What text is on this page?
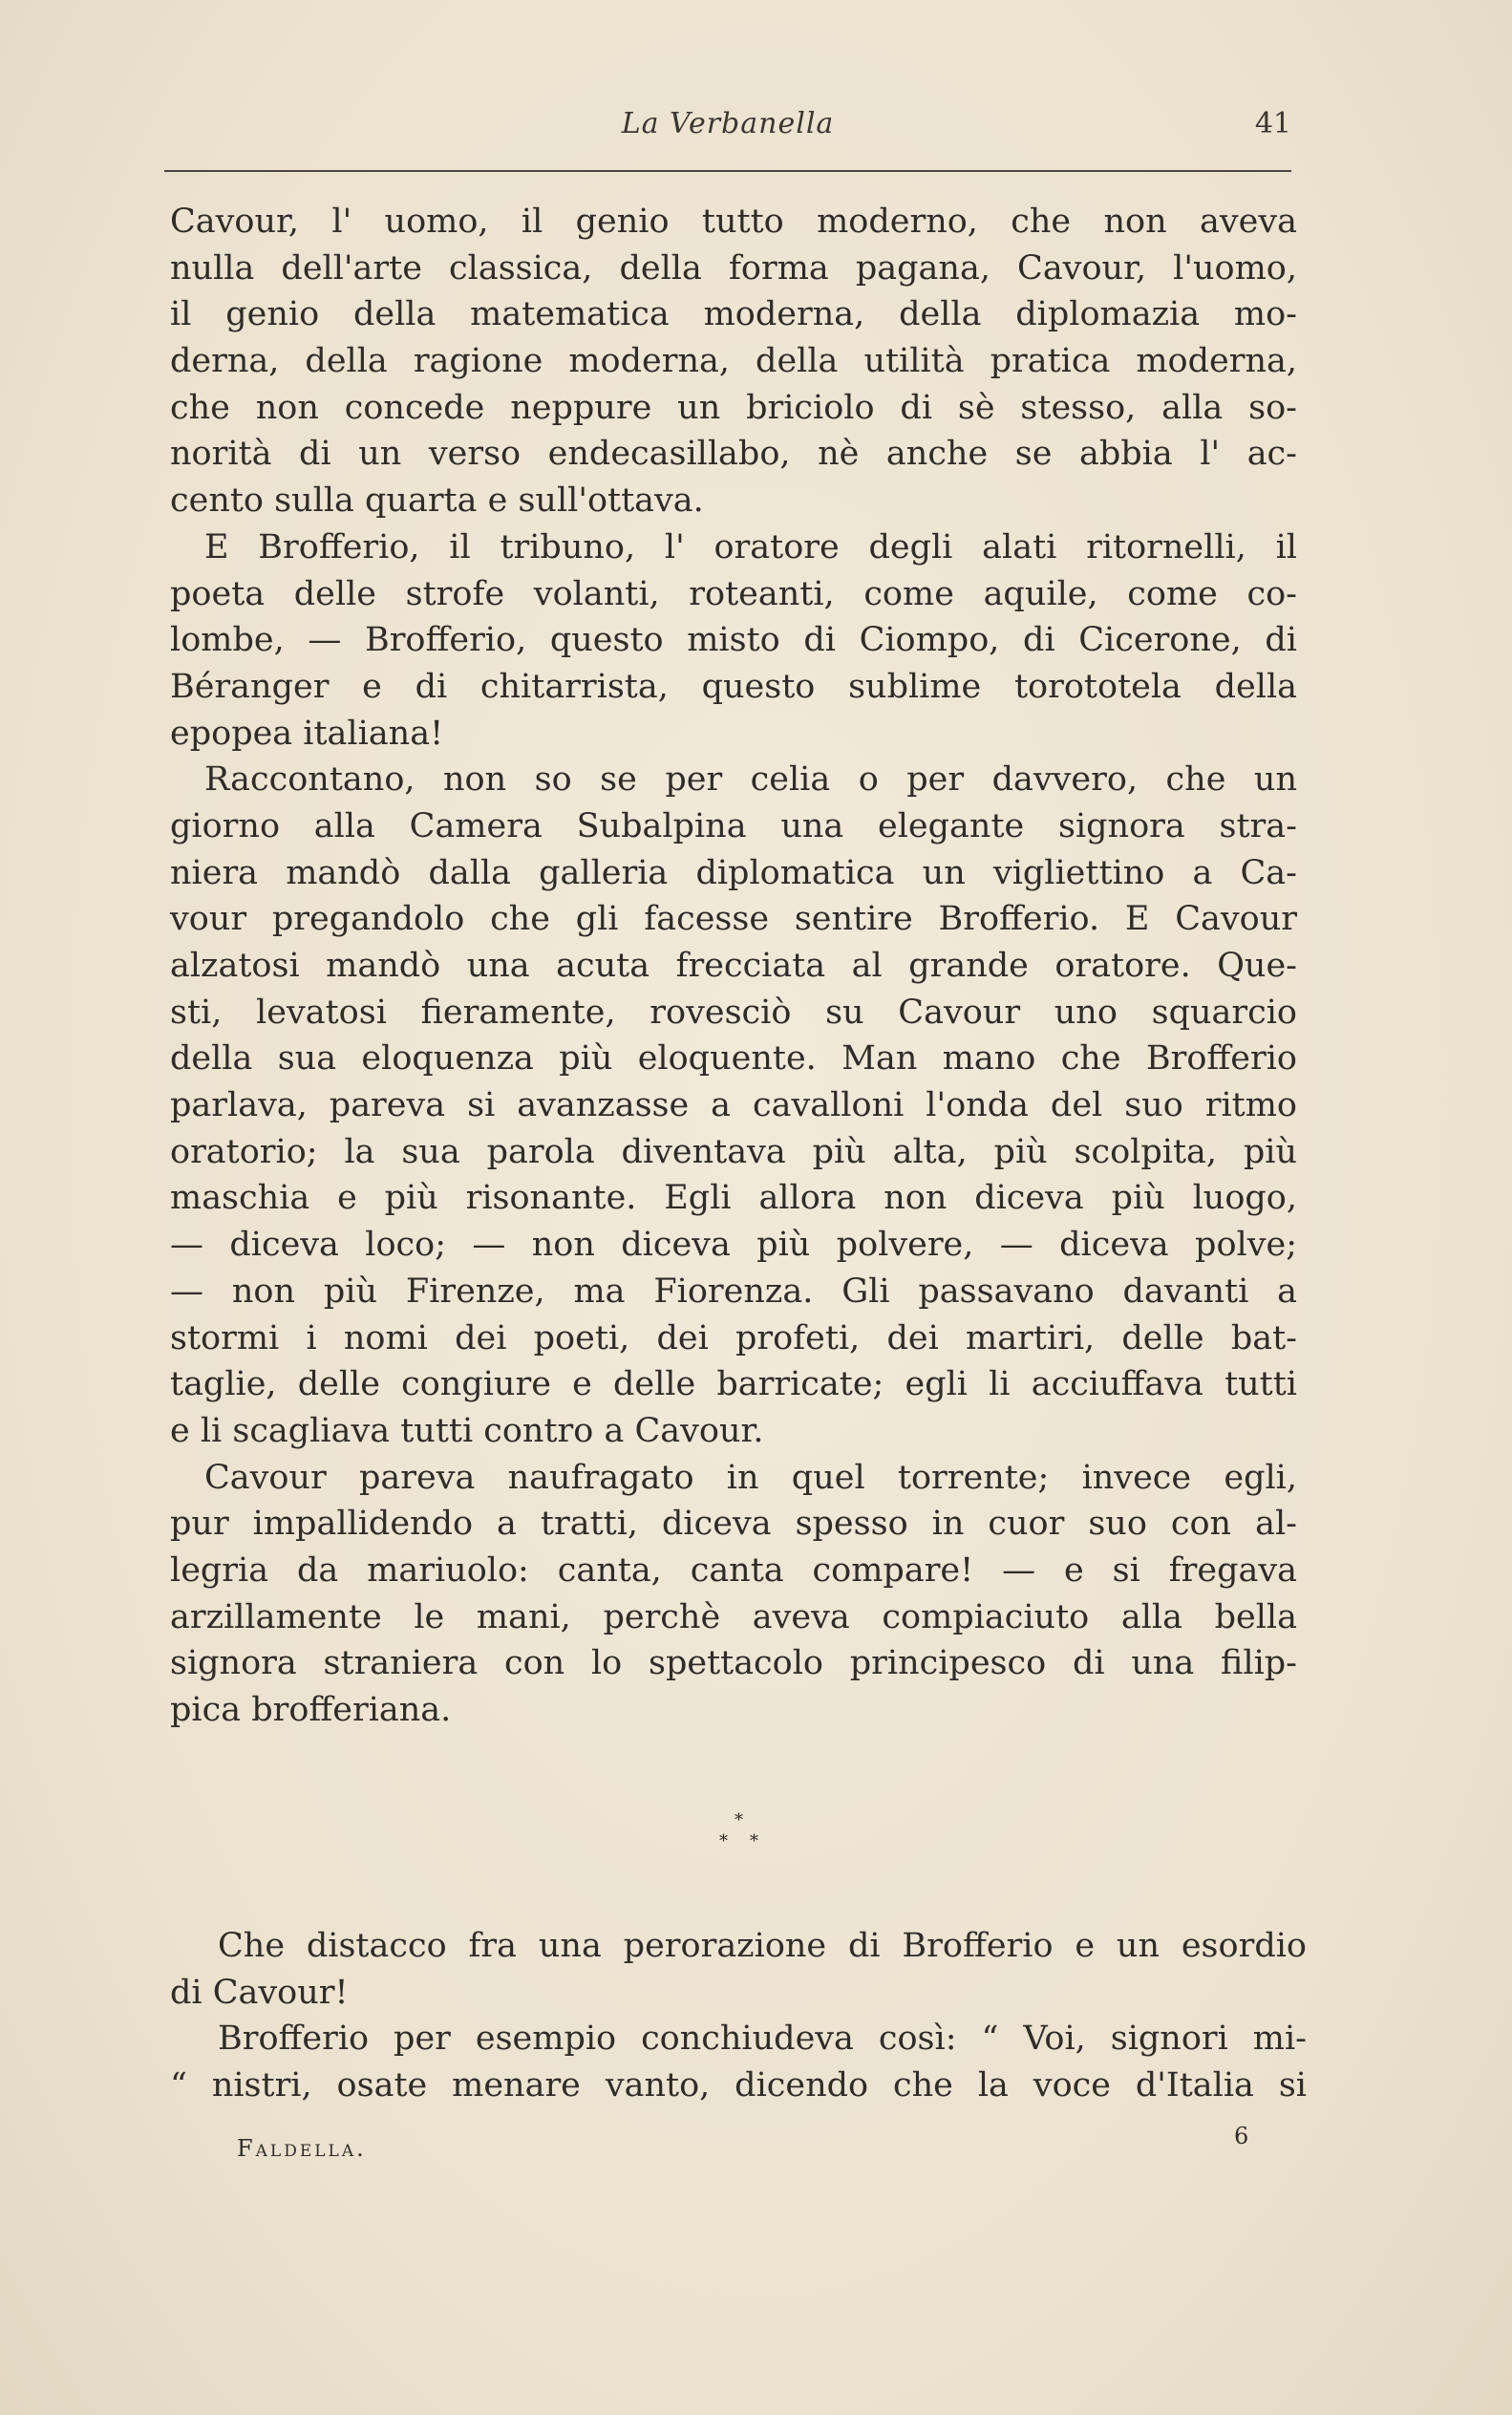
La Verbanella	41
Cavour, l' uomo, il genio tutto moderno, che non aveva
nulla dell'arte classica, della forma pagana, Cavour, l'uomo,
il genio della matematica moderna, della diplomazia mo-
derna, della ragione moderna, della utilità pratica moderna,
che non concede neppure un briciolo di sè stesso, alla so-
norità di un verso endecasillabo, nè anche se abbia l' ac-
cento sulla quarta e sull'ottava.
E Brofferio, il tribuno, l' oratore degli alati ritornelli, il
poeta delle strofe volanti, roteanti, come aquile, come co-
lombe, — Brofferio, questo misto di Ciompo, di Cicerone, di
Béranger e di chitarrista, questo sublime torototela della
epopea italiana!
Raccontano, non so se per celia o per davvero, che un
giorno alla Camera Subalpina una elegante signora stra-
niera mandò dalla galleria diplomatica un vigliettino a Ca-
vour pregandolo che gli facesse sentire Brofferio. E Cavour
alzatosi mandò una acuta frecciata al grande oratore. Que-
sti, levatosi fieramente, rovesciò su Cavour uno squarcio
della sua eloquenza più eloquente. Man mano che Brofferio
parlava, pareva si avanzasse a cavalloni l'onda del suo ritmo
oratorio; la sua parola diventava più alta, più scolpita, più
maschia e più risonante. Egli allora non diceva più luogo,
— diceva loco; — non diceva più polvere, — diceva polve;
— non più Firenze, ma Fiorenza. Gli passavano davanti a
stormi i nomi dei poeti, dei profeti, dei martiri, delle bat-
taglie, delle congiure e delle barricate; egli li acciuffava tutti
e li scagliava tutti contro a Cavour.
Cavour pareva naufragato in quel torrente; invece egli,
pur impallidendo a tratti, diceva spesso in cuor suo con al-
legria da mariuolo: canta, canta compare! — e si fregava
arzillamente le mani, perchè aveva compiaciuto alla bella
signora straniera con lo spettacolo principesco di una filip-
pica brofferiana.
*
* *
Che distacco fra una perorazione di Brofferio e un esordio
di Cavour!
Brofferio per esempio conchiudeva così: “ Voi, signori mi-
“ nistri, osate menare vanto, dicendo che la voce d'Italia si
Faldella.	6
